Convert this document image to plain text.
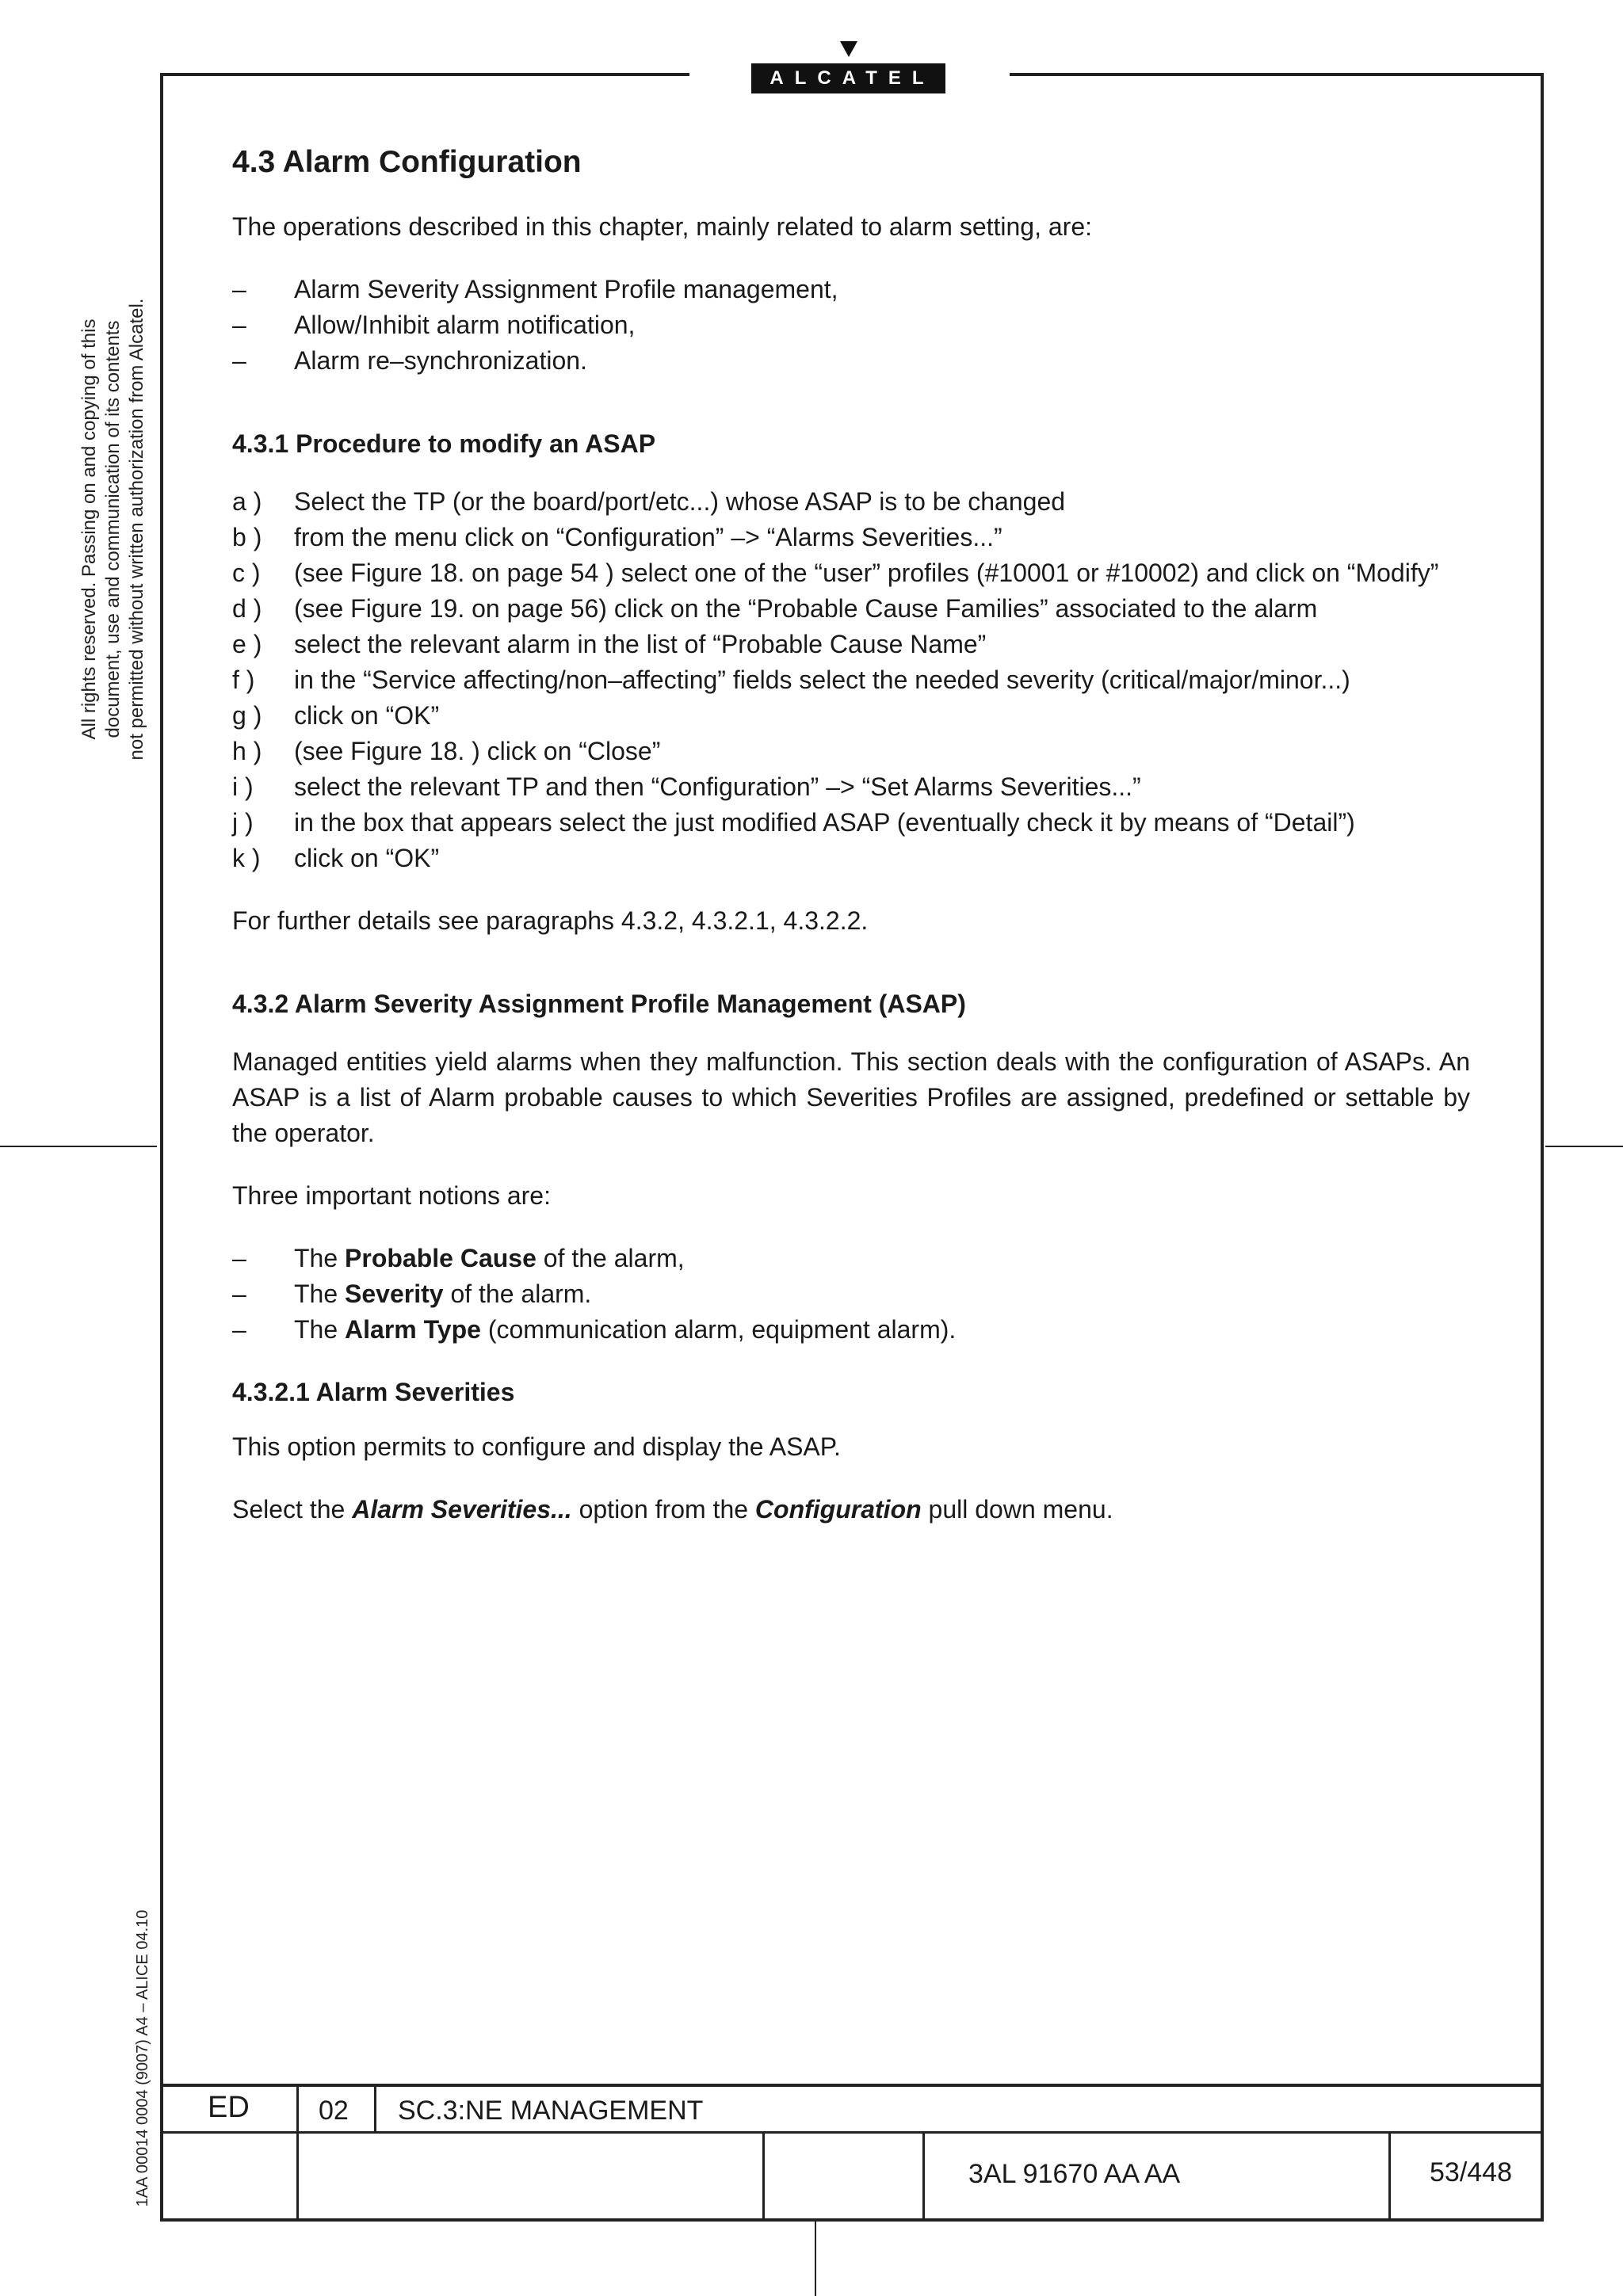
ALCATEL
All rights reserved. Passing on and copying of this document, use and communication of its contents not permitted without written authorization from Alcatel.
1AA 00014 0004 (9007) A4 – ALICE 04.10
4.3 Alarm Configuration

The operations described in this chapter, mainly related to alarm setting, are:

–	Alarm Severity Assignment Profile management,
–	Allow/Inhibit alarm notification,
–	Alarm re–synchronization.
4.3.1 Procedure to modify an ASAP
a )	Select the TP (or the board/port/etc...) whose ASAP is to be changed
b )	from the menu click on “Configuration” –> “Alarms Severities...”
c )	(see Figure 18. on page 54 ) select one of the “user” profiles (#10001 or #10002) and click on “Modify”
d )	(see Figure 19. on page 56) click on the “Probable Cause Families” associated to the alarm
e )	select the relevant alarm in the list of “Probable Cause Name”
f )	in the “Service affecting/non–affecting” fields select the needed severity (critical/major/minor...)
g )	click on “OK”
h )	(see Figure 18. ) click on “Close”
i )	select the relevant TP and then “Configuration” –> “Set Alarms Severities...”
j )	in the box that appears select the just modified ASAP (eventually check it by means of “Detail”)
k )	click on “OK”

For further details see paragraphs 4.3.2, 4.3.2.1, 4.3.2.2.

4.3.2 Alarm Severity Assignment Profile Management (ASAP)

Managed entities yield alarms when they malfunction. This section deals with the configuration of ASAPs. An ASAP is a list of Alarm probable causes to which Severities Profiles are assigned, predefined or settable by the operator.

Three important notions are:

–	The Probable Cause of the alarm,
–	The Severity of the alarm.
–	The Alarm Type (communication alarm, equipment alarm).
4.3.2.1 Alarm Severities

This option permits to configure and display the ASAP.

Select the Alarm Severities... option from the Configuration pull down menu.

ED	02 SC.3:NE MANAGEMENT
3AL 91670 AA AA	53/448
